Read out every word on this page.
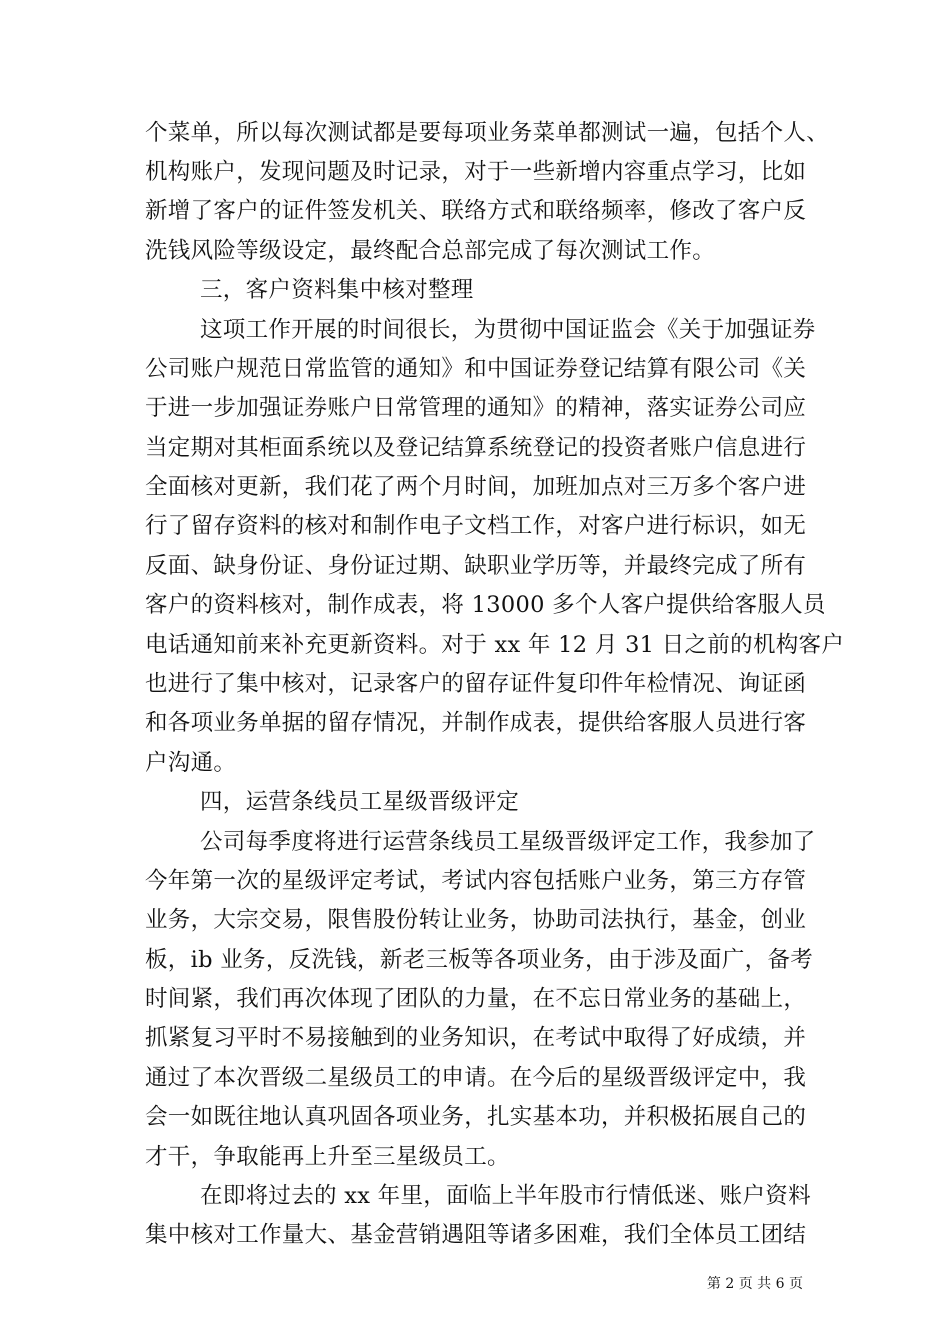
个菜单，所以每次测试都是要每项业务菜单都测试一遍，包括个人、
机构账户，发现问题及时记录，对于一些新增内容重点学习，比如
新增了客户的证件签发机关、联络方式和联络频率，修改了客户反
洗钱风险等级设定，最终配合总部完成了每次测试工作。
三，客户资料集中核对整理
这项工作开展的时间很长，为贯彻中国证监会《关于加强证券
公司账户规范日常监管的通知》和中国证券登记结算有限公司《关
于进一步加强证券账户日常管理的通知》的精神，落实证券公司应
当定期对其柜面系统以及登记结算系统登记的投资者账户信息进行
全面核对更新，我们花了两个月时间，加班加点对三万多个客户进
行了留存资料的核对和制作电子文档工作，对客户进行标识，如无
反面、缺身份证、身份证过期、缺职业学历等，并最终完成了所有
客户的资料核对，制作成表，将 13000 多个人客户提供给客服人员
电话通知前来补充更新资料。对于 xx 年 12 月 31 日之前的机构客户
也进行了集中核对，记录客户的留存证件复印件年检情况、询证函
和各项业务单据的留存情况，并制作成表，提供给客服人员进行客
户沟通。
四，运营条线员工星级晋级评定
公司每季度将进行运营条线员工星级晋级评定工作，我参加了
今年第一次的星级评定考试，考试内容包括账户业务，第三方存管
业务，大宗交易，限售股份转让业务，协助司法执行，基金，创业
板，ib 业务，反洗钱，新老三板等各项业务，由于涉及面广，备考
时间紧，我们再次体现了团队的力量，在不忘日常业务的基础上，
抓紧复习平时不易接触到的业务知识，在考试中取得了好成绩，并
通过了本次晋级二星级员工的申请。在今后的星级晋级评定中，我
会一如既往地认真巩固各项业务，扎实基本功，并积极拓展自己的
才干，争取能再上升至三星级员工。
在即将过去的 xx 年里，面临上半年股市行情低迷、账户资料
集中核对工作量大、基金营销遇阻等诸多困难，我们全体员工团结
第 2 页 共 6 页
